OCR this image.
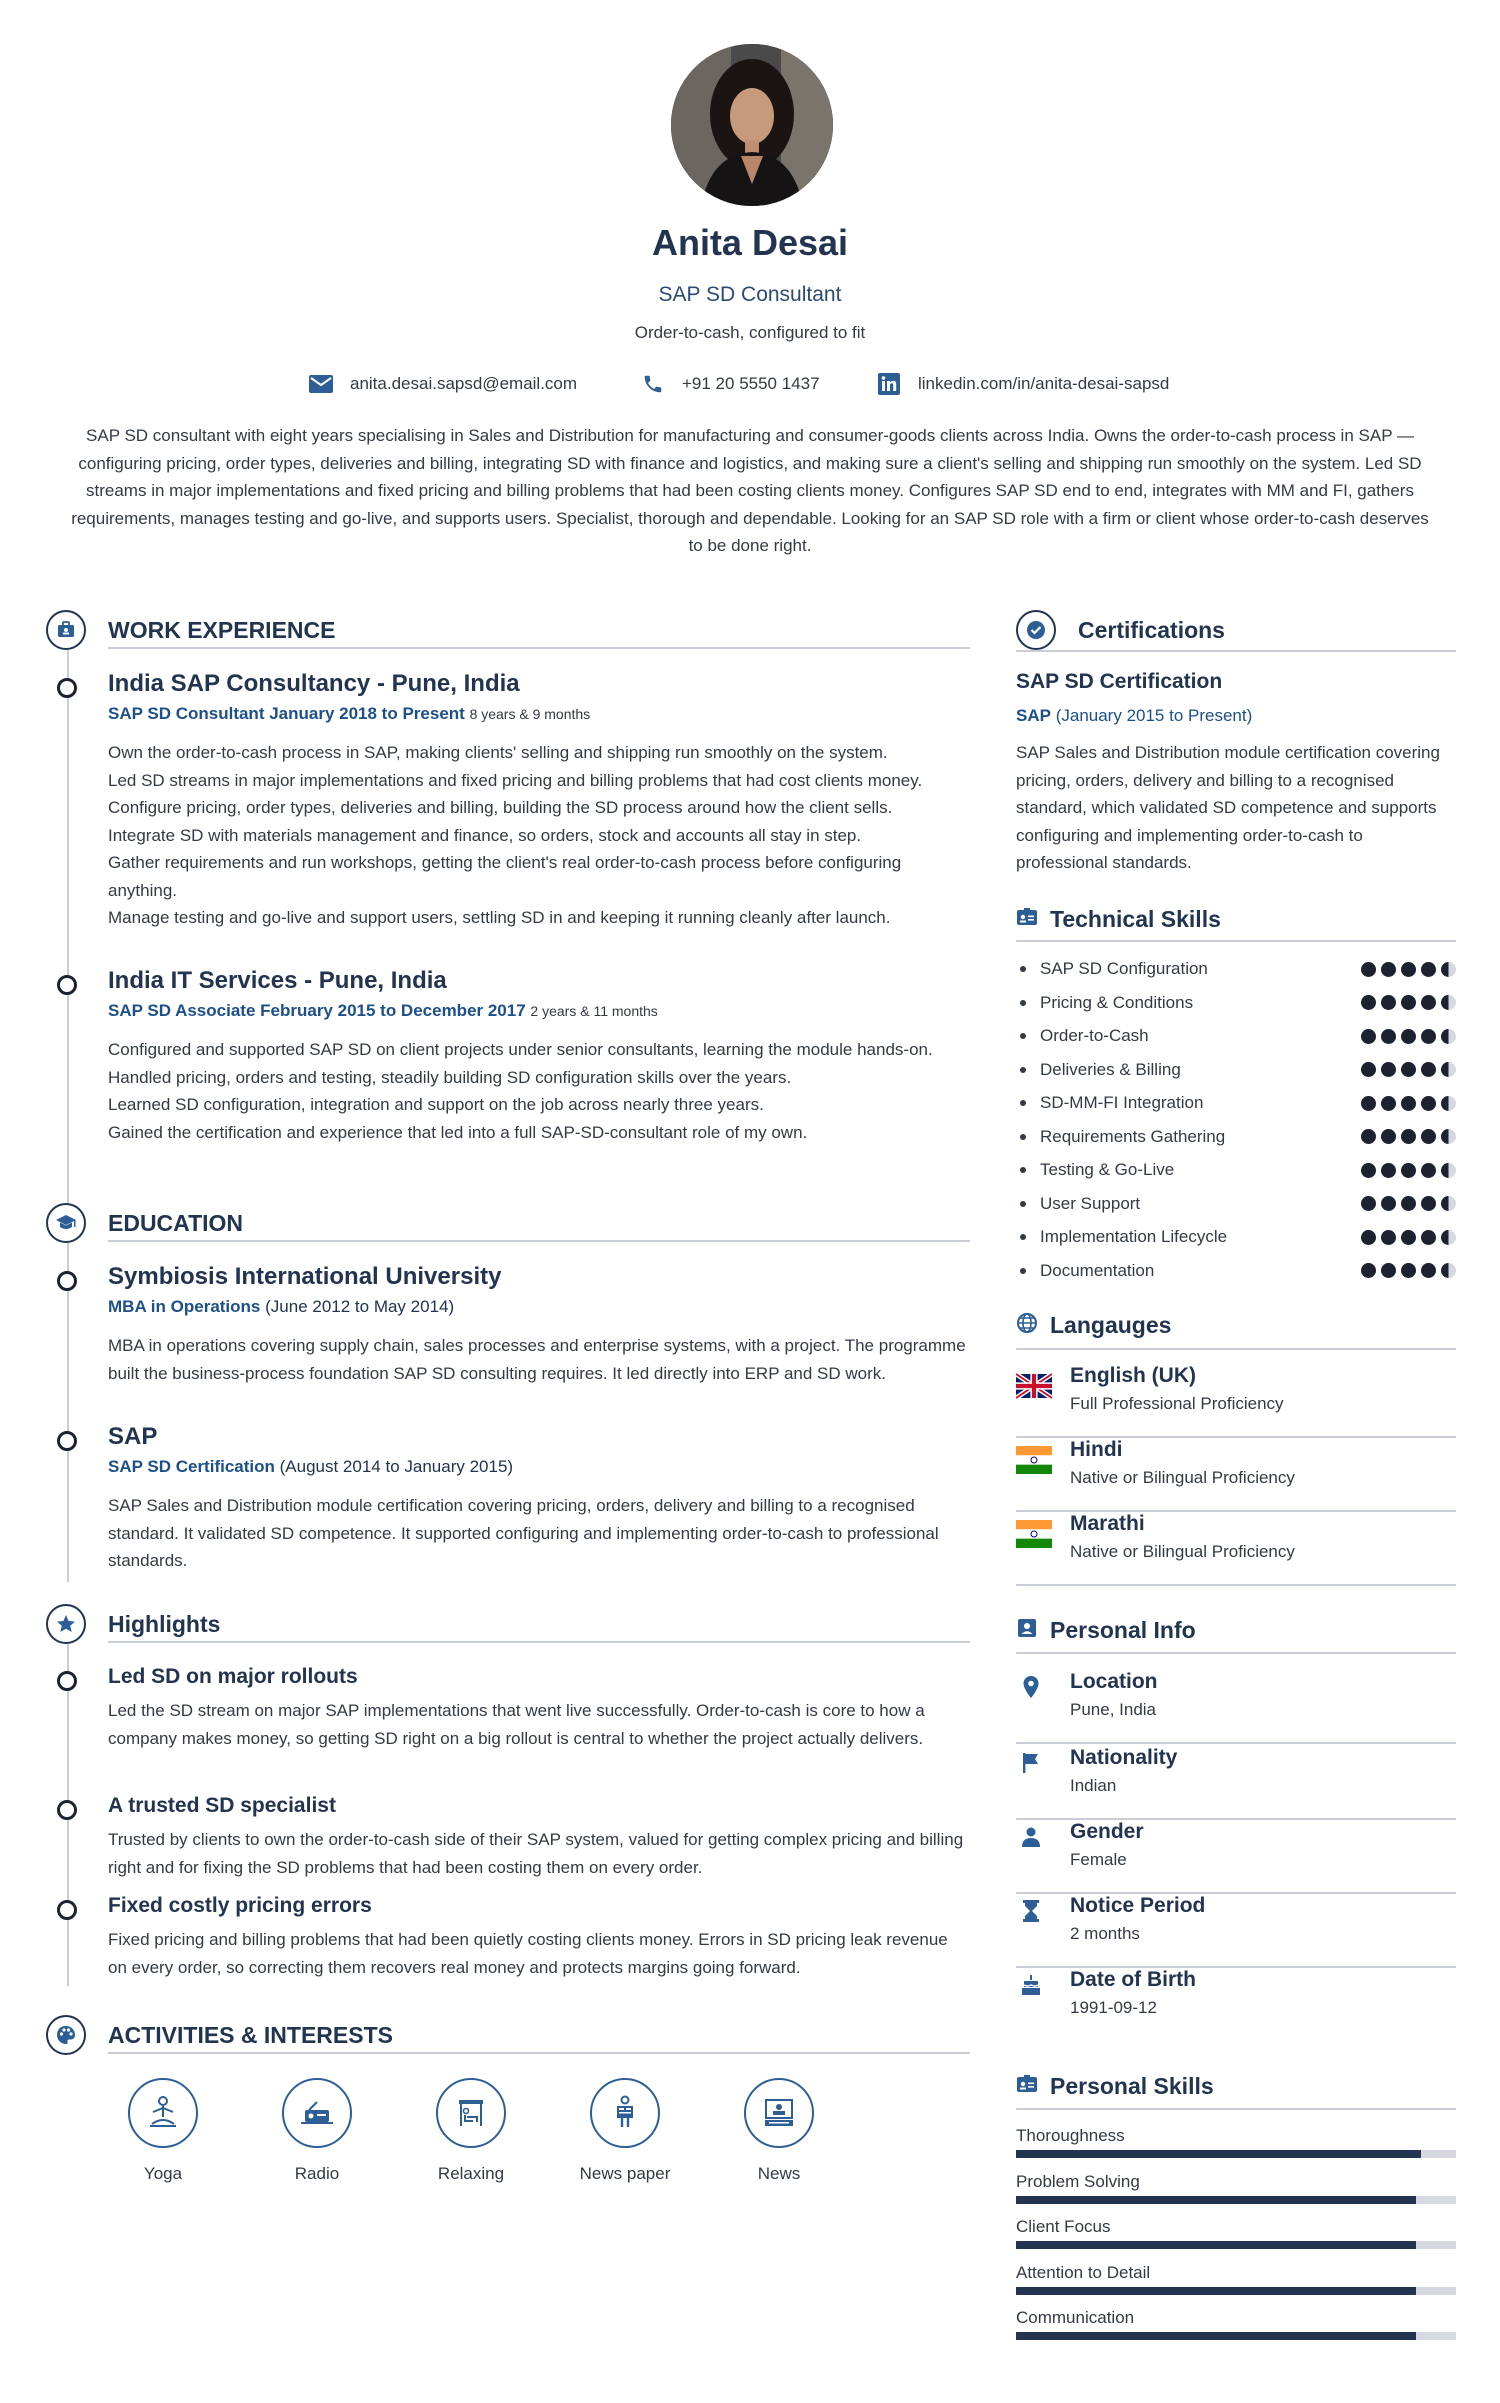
Anita Desai
SAP SD Consultant
Order-to-cash, configured to fit
anita.desai.sapsd@email.com	+91 20 5550 1437	linkedin.com/in/anita-desai-sapsd
SAP SD consultant with eight years specialising in Sales and Distribution for manufacturing and consumer-goods clients across India. Owns the order-to-cash process in SAP — configuring pricing, order types, deliveries and billing, integrating SD with finance and logistics, and making sure a client's selling and shipping run smoothly on the system. Led SD streams in major implementations and fixed pricing and billing problems that had been costing clients money. Configures SAP SD end to end, integrates with MM and FI, gathers requirements, manages testing and go-live, and supports users. Specialist, thorough and dependable. Looking for an SAP SD role with a firm or client whose order-to-cash deserves to be done right.
WORK EXPERIENCE
India SAP Consultancy - Pune, India
SAP SD Consultant January 2018 to Present 8 years & 9 months
Own the order-to-cash process in SAP, making clients' selling and shipping run smoothly on the system.
Led SD streams in major implementations and fixed pricing and billing problems that had cost clients money.
Configure pricing, order types, deliveries and billing, building the SD process around how the client sells.
Integrate SD with materials management and finance, so orders, stock and accounts all stay in step.
Gather requirements and run workshops, getting the client's real order-to-cash process before configuring anything.
Manage testing and go-live and support users, settling SD in and keeping it running cleanly after launch.
India IT Services - Pune, India
SAP SD Associate February 2015 to December 2017 2 years & 11 months
Configured and supported SAP SD on client projects under senior consultants, learning the module hands-on.
Handled pricing, orders and testing, steadily building SD configuration skills over the years.
Learned SD configuration, integration and support on the job across nearly three years.
Gained the certification and experience that led into a full SAP-SD-consultant role of my own.
EDUCATION
Symbiosis International University
MBA in Operations (June 2012 to May 2014)
MBA in operations covering supply chain, sales processes and enterprise systems, with a project. The programme built the business-process foundation SAP SD consulting requires. It led directly into ERP and SD work.
SAP
SAP SD Certification (August 2014 to January 2015)
SAP Sales and Distribution module certification covering pricing, orders, delivery and billing to a recognised standard. It validated SD competence. It supported configuring and implementing order-to-cash to professional standards.
Highlights
Led SD on major rollouts
Led the SD stream on major SAP implementations that went live successfully. Order-to-cash is core to how a company makes money, so getting SD right on a big rollout is central to whether the project actually delivers.
A trusted SD specialist
Trusted by clients to own the order-to-cash side of their SAP system, valued for getting complex pricing and billing right and for fixing the SD problems that had been costing them on every order.
Fixed costly pricing errors
Fixed pricing and billing problems that had been quietly costing clients money. Errors in SD pricing leak revenue on every order, so correcting them recovers real money and protects margins going forward.
ACTIVITIES & INTERESTS
Yoga	Radio	Relaxing	News paper	News
Certifications
SAP SD Certification
SAP (January 2015 to Present)
SAP Sales and Distribution module certification covering pricing, orders, delivery and billing to a recognised standard, which validated SD competence and supports configuring and implementing order-to-cash to professional standards.
Technical Skills
SAP SD Configuration
Pricing & Conditions
Order-to-Cash
Deliveries & Billing
SD-MM-FI Integration
Requirements Gathering
Testing & Go-Live
User Support
Implementation Lifecycle
Documentation
Langauges
English (UK)
Full Professional Proficiency
Hindi
Native or Bilingual Proficiency
Marathi
Native or Bilingual Proficiency
Personal Info
Location
Pune, India
Nationality
Indian
Gender
Female
Notice Period
2 months
Date of Birth
1991-09-12
Personal Skills
Thoroughness
Problem Solving
Client Focus
Attention to Detail
Communication
